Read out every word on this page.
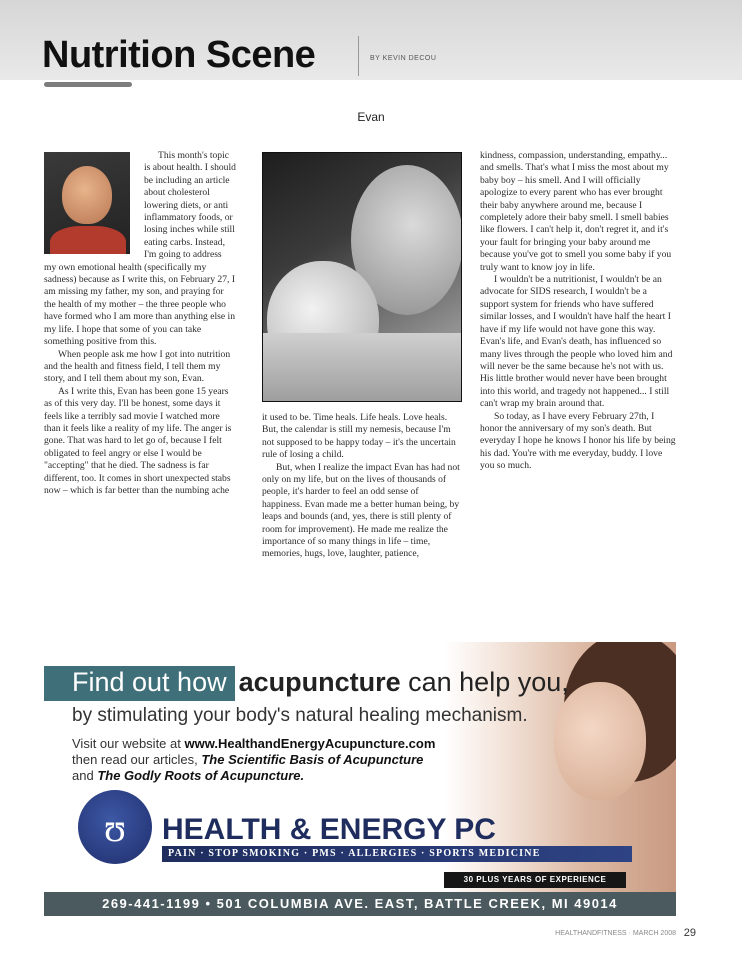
Nutrition Scene	BY KEVIN DECOU
Evan

This month's topic is about health. I should be including an article about cholesterol lowering diets, or anti inflammatory foods, or losing inches while still eating carbs. Instead, I'm going to address my own emotional health (specifically my sadness) because as I write this, on February 27, I am missing my father, my son, and praying for the health of my mother – the three people who have formed who I am more than anything else in my life. I hope that some of you can take something positive from this.

When people ask me how I got into nutrition and the health and fitness field, I tell them my story, and I tell them about my son, Evan.

As I write this, Evan has been gone 15 years as of this very day. I'll be honest, some days it feels like a terribly sad movie I watched more than it feels like a reality of my life. The anger is gone. That was hard to let go of, because I felt obligated to feel angry or else I would be "accepting" that he died. The sadness is far different, too. It comes in short unexpected stabs now – which is far better than the numbing ache

it used to be. Time heals. Life heals. Love heals. But, the calendar is still my nemesis, because I'm not supposed to be happy today – it's the uncertain rule of losing a child.

But, when I realize the impact Evan has had not only on my life, but on the lives of thousands of people, it's harder to feel an odd sense of happiness. Evan made me a better human being, by leaps and bounds (and, yes, there is still plenty of room for improvement). He made me realize the importance of so many things in life – time, memories, hugs, love, laughter, patience,

kindness, compassion, understanding, empathy... and smells. That's what I miss the most about my baby boy – his smell. And I will officially apologize to every parent who has ever brought their baby anywhere around me, because I completely adore their baby smell. I smell babies like flowers. I can't help it, don't regret it, and it's your fault for bringing your baby around me because you've got to smell you some baby if you truly want to know joy in life.

I wouldn't be a nutritionist, I wouldn't be an advocate for SIDS research, I wouldn't be a support system for friends who have suffered similar losses, and I wouldn't have half the heart I have if my life would not have gone this way. Evan's life, and Evan's death, has influenced so many lives through the people who loved him and will never be the same because he's not with us. His little brother would never have been brought into this world, and tragedy not happened... I still can't wrap my brain around that.

So today, as I have every February 27th, I honor the anniversary of my son's death. But everyday I hope he knows I honor his life by being his dad. You're with me everyday, buddy. I love you so much.

Find out how acupuncture can help you,
by stimulating your body's natural healing mechanism.
Visit our website at www.HealthandEnergyAcupuncture.com
then read our articles, The Scientific Basis of Acupuncture
and The Godly Roots of Acupuncture.
ʊ HEALTH & ENERGY PC
PAIN · STOP SMOKING · PMS · ALLERGIES · SPORTS MEDICINE
30 PLUS YEARS OF EXPERIENCE
269-441-1199 • 501 COLUMBIA AVE. EAST, BATTLE CREEK, MI 49014
HEALTHANDFITNESS · MARCH 2008 29
